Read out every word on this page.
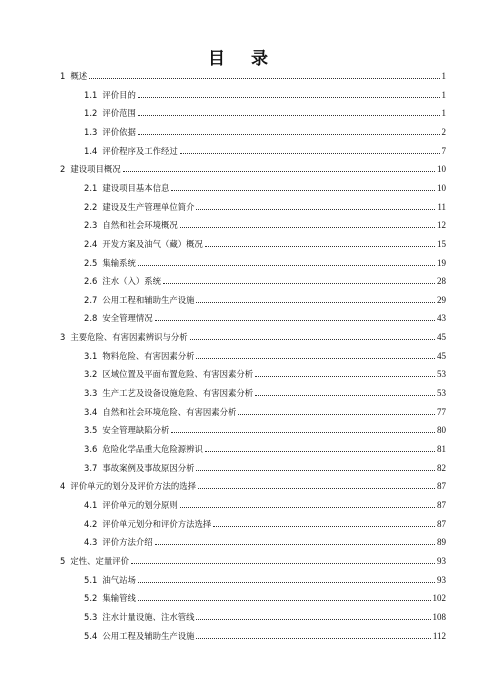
目 录
1 概述	1
1.1 评价目的	1
1.2 评价范围	1
1.3 评价依据	2
1.4 评价程序及工作经过	7
2 建设项目概况	10
2.1 建设项目基本信息	10
2.2 建设及生产管理单位简介	11
2.3 自然和社会环境概况	12
2.4 开发方案及油气（藏）概况	15
2.5 集输系统	19
2.6 注水（入）系统	28
2.7 公用工程和辅助生产设施	29
2.8 安全管理情况	43
3 主要危险、有害因素辨识与分析	45
3.1 物料危险、有害因素分析	45
3.2 区域位置及平面布置危险、有害因素分析	53
3.3 生产工艺及设备设施危险、有害因素分析	53
3.4 自然和社会环境危险、有害因素分析	77
3.5 安全管理缺陷分析	80
3.6 危险化学品重大危险源辨识	81
3.7 事故案例及事故原因分析	82
4 评价单元的划分及评价方法的选择	87
4.1 评价单元的划分原则	87
4.2 评价单元划分和评价方法选择	87
4.3 评价方法介绍	89
5 定性、定量评价	93
5.1 油气站场	93
5.2 集输管线	102
5.3 注水计量设施、注水管线	108
5.4 公用工程及辅助生产设施	112
